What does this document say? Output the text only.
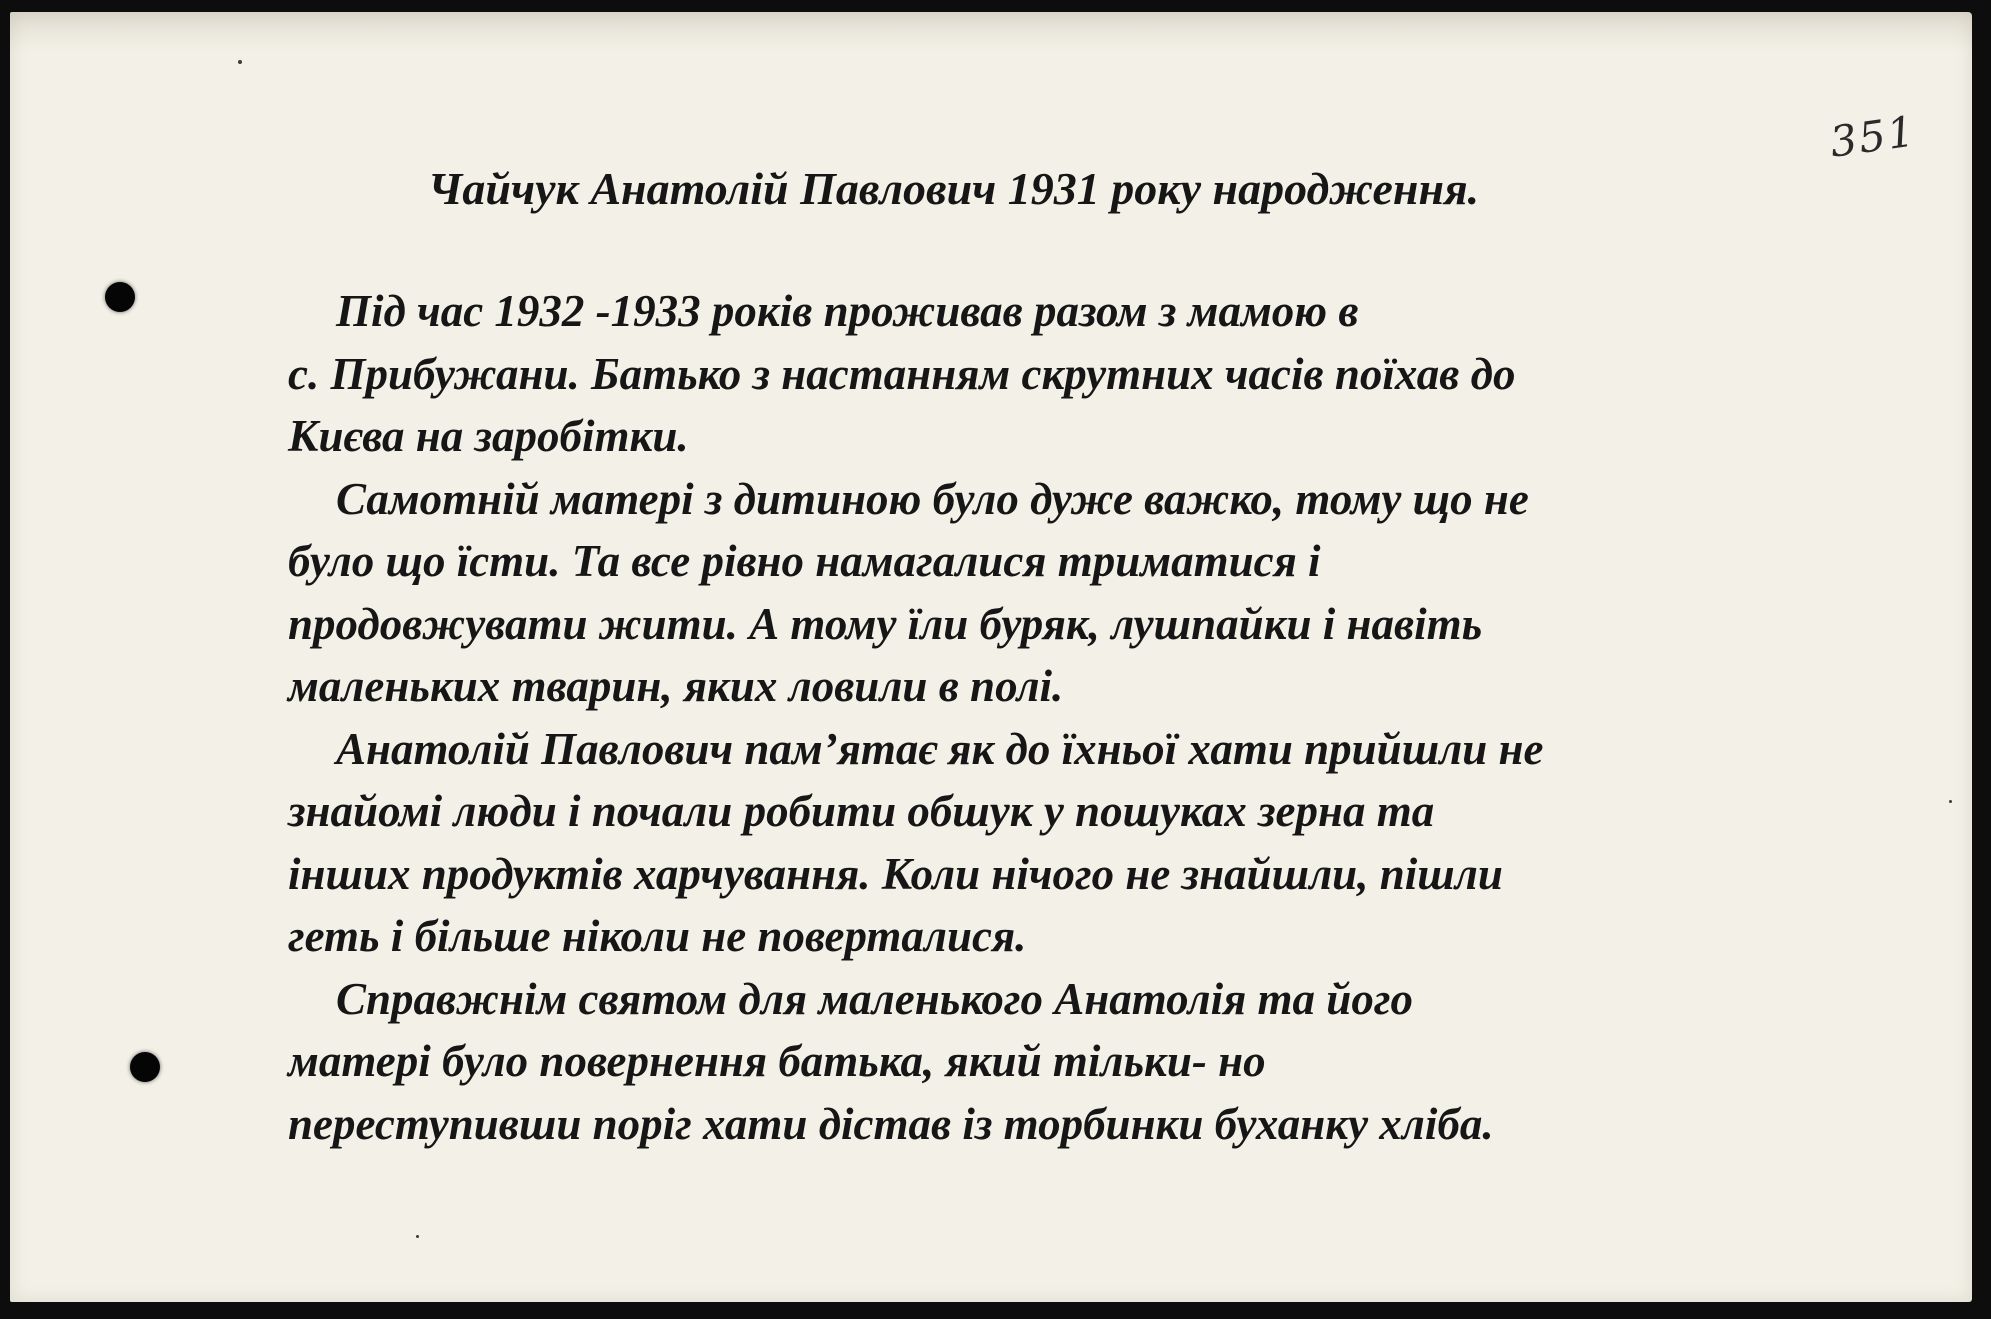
351
Чайчук Анатолій Павлович 1931 року народження.
Під час 1932 -1933 років проживав разом з мамою в
с. Прибужани. Батько з настанням скрутних часів поїхав до
Києва на заробітки.
Самотній матері з дитиною було дуже важко, тому що не
було що їсти. Та все рівно намагалися триматися і
продовжувати жити. А тому їли буряк, лушпайки і навіть
маленьких тварин, яких ловили в полі.
Анатолій Павлович пам’ятає як до їхньої хати прийшли не
знайомі люди і почали робити обшук у пошуках зерна та
інших продуктів харчування. Коли нічого не знайшли, пішли
геть і більше ніколи не поверталися.
Справжнім святом для маленького Анатолія та його
матері було повернення батька, який тільки- но
переступивши поріг хати дістав із торбинки буханку хліба.
